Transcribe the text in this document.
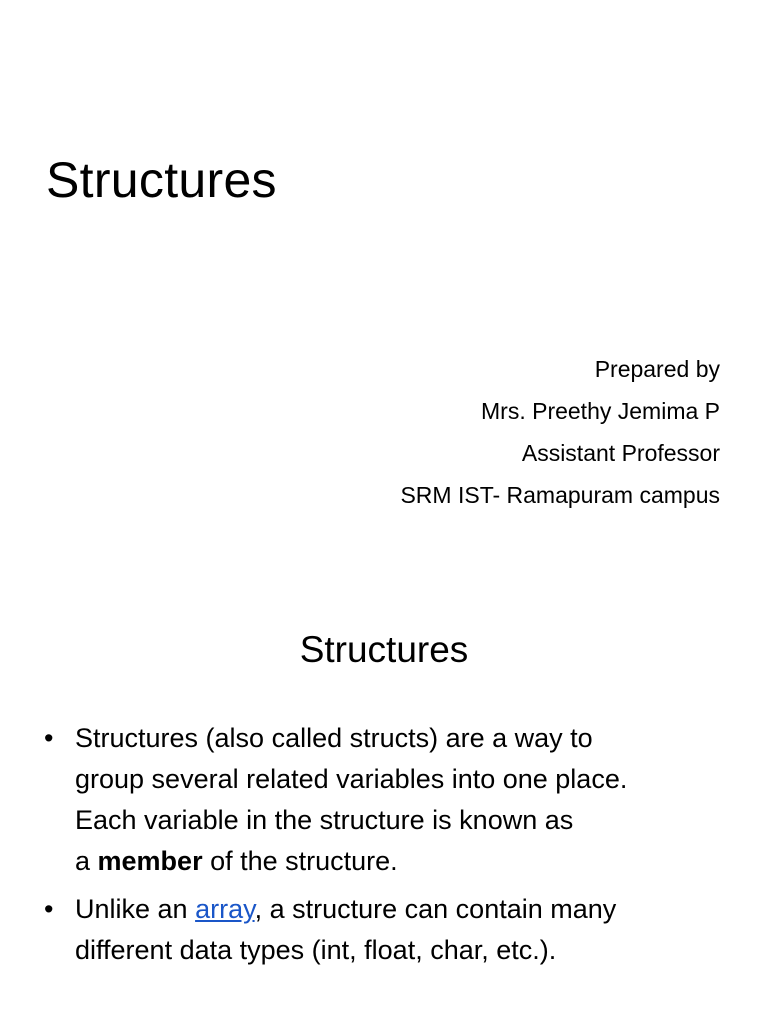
Structures
Prepared by
Mrs. Preethy Jemima P
Assistant Professor
SRM IST- Ramapuram campus
Structures
• Structures (also called structs) are a way to
group several related variables into one place.
Each variable in the structure is known as
a member of the structure.
• Unlike an array, a structure can contain many
different data types (int, float, char, etc.).
